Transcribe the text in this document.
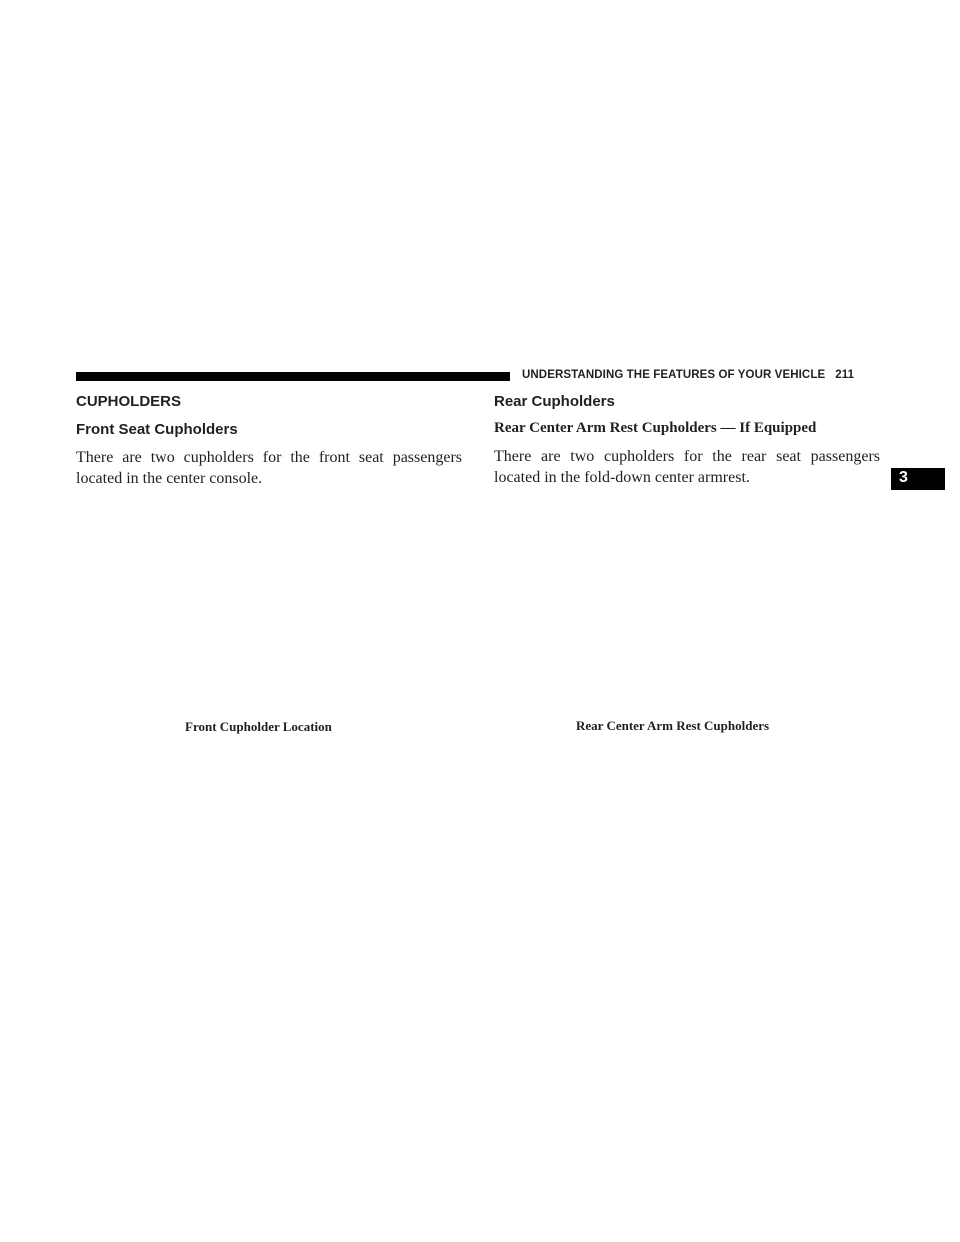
UNDERSTANDING THE FEATURES OF YOUR VEHICLE 211
CUPHOLDERS
Front Seat Cupholders

There are two cupholders for the front seat passengers located in the center console.

Front Cupholder Location
Rear Cupholders
Rear Center Arm Rest Cupholders — If Equipped

There are two cupholders for the rear seat passengers located in the fold-down center armrest.

Rear Center Arm Rest Cupholders
3
